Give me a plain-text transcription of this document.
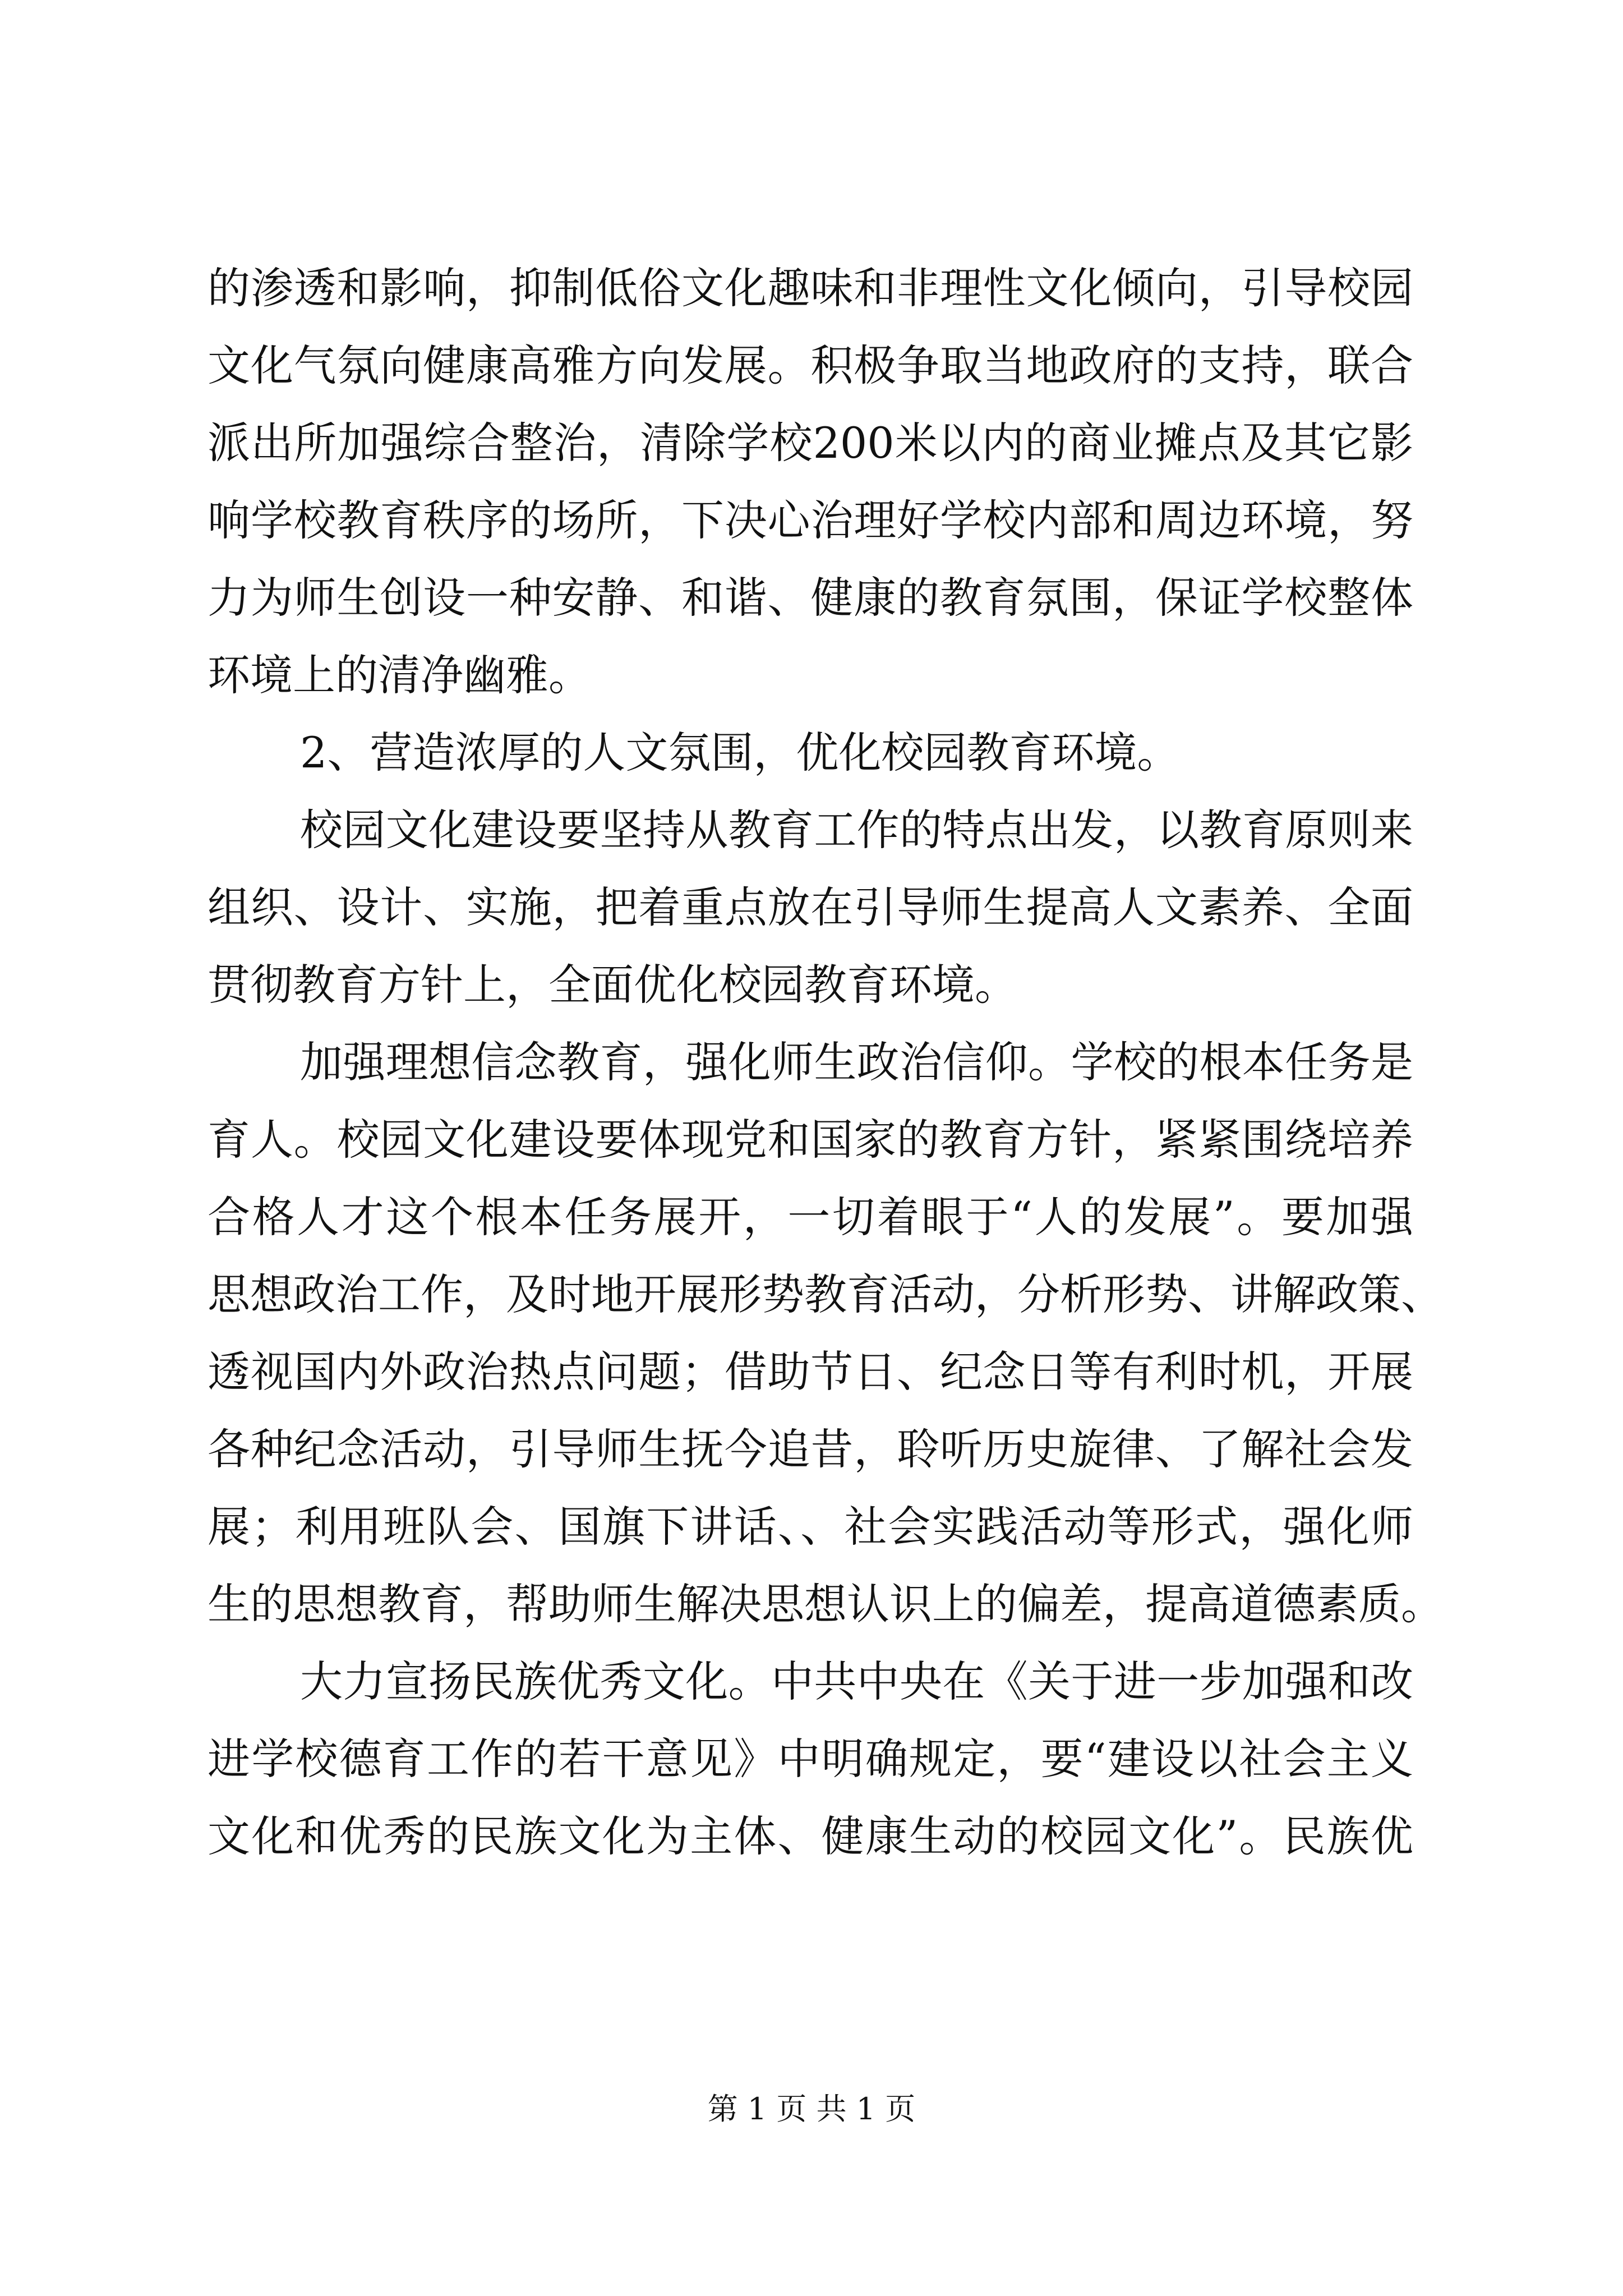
的渗透和影响，抑制低俗文化趣味和非理性文化倾向，引导校园
文化气氛向健康高雅方向发展。积极争取当地政府的支持，联合
派出所加强综合整治，清除学校200米以内的商业摊点及其它影
响学校教育秩序的场所，下决心治理好学校内部和周边环境，努
力为师生创设一种安静、和谐、健康的教育氛围，保证学校整体
环境上的清净幽雅。
2、营造浓厚的人文氛围，优化校园教育环境。
校园文化建设要坚持从教育工作的特点出发，以教育原则来
组织、设计、实施，把着重点放在引导师生提高人文素养、全面
贯彻教育方针上，全面优化校园教育环境。
加强理想信念教育，强化师生政治信仰。学校的根本任务是
育人。校园文化建设要体现党和国家的教育方针，紧紧围绕培养
合格人才这个根本任务展开，一切着眼于“人的发展”。要加强
思想政治工作，及时地开展形势教育活动，分析形势、讲解政策、
透视国内外政治热点问题；借助节日、纪念日等有利时机，开展
各种纪念活动，引导师生抚今追昔，聆听历史旋律、了解社会发
展；利用班队会、国旗下讲话、、社会实践活动等形式，强化师
生的思想教育，帮助师生解决思想认识上的偏差，提高道德素质。
大力宣扬民族优秀文化。中共中央在《关于进一步加强和改
进学校德育工作的若干意见》中明确规定，要“建设以社会主义
文化和优秀的民族文化为主体、健康生动的校园文化”。民族优
第 1 页 共 1 页
